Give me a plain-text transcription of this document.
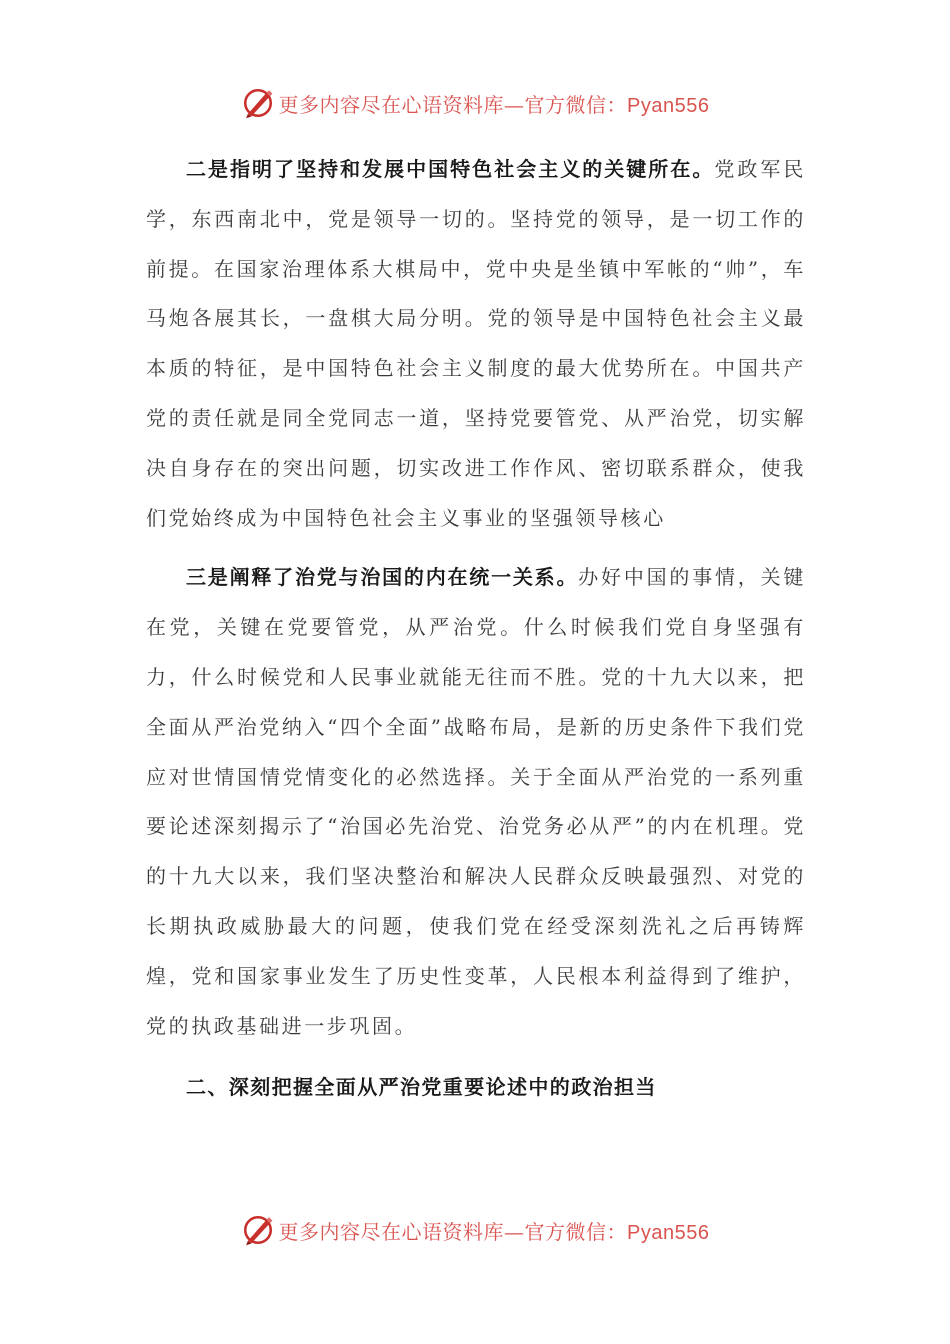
更多内容尽在心语资料库—官方微信：Pyan556

二是指明了坚持和发展中国特色社会主义的关键所在。党政军民学，东西南北中，党是领导一切的。坚持党的领导，是一切工作的前提。在国家治理体系大棋局中，党中央是坐镇中军帐的“帅”，车马炮各展其长，一盘棋大局分明。党的领导是中国特色社会主义最本质的特征，是中国特色社会主义制度的最大优势所在。中国共产党的责任就是同全党同志一道，坚持党要管党、从严治党，切实解决自身存在的突出问题，切实改进工作作风、密切联系群众，使我们党始终成为中国特色社会主义事业的坚强领导核心

三是阐释了治党与治国的内在统一关系。办好中国的事情，关键在党，关键在党要管党，从严治党。什么时候我们党自身坚强有力，什么时候党和人民事业就能无往而不胜。党的十九大以来，把全面从严治党纳入“四个全面”战略布局，是新的历史条件下我们党应对世情国情党情变化的必然选择。关于全面从严治党的一系列重要论述深刻揭示了“治国必先治党、治党务必从严”的内在机理。党的十九大以来，我们坚决整治和解决人民群众反映最强烈、对党的长期执政威胁最大的问题，使我们党在经受深刻洗礼之后再铸辉煌，党和国家事业发生了历史性变革，人民根本利益得到了维护，党的执政基础进一步巩固。

二、深刻把握全面从严治党重要论述中的政治担当

更多内容尽在心语资料库—官方微信：Pyan556
